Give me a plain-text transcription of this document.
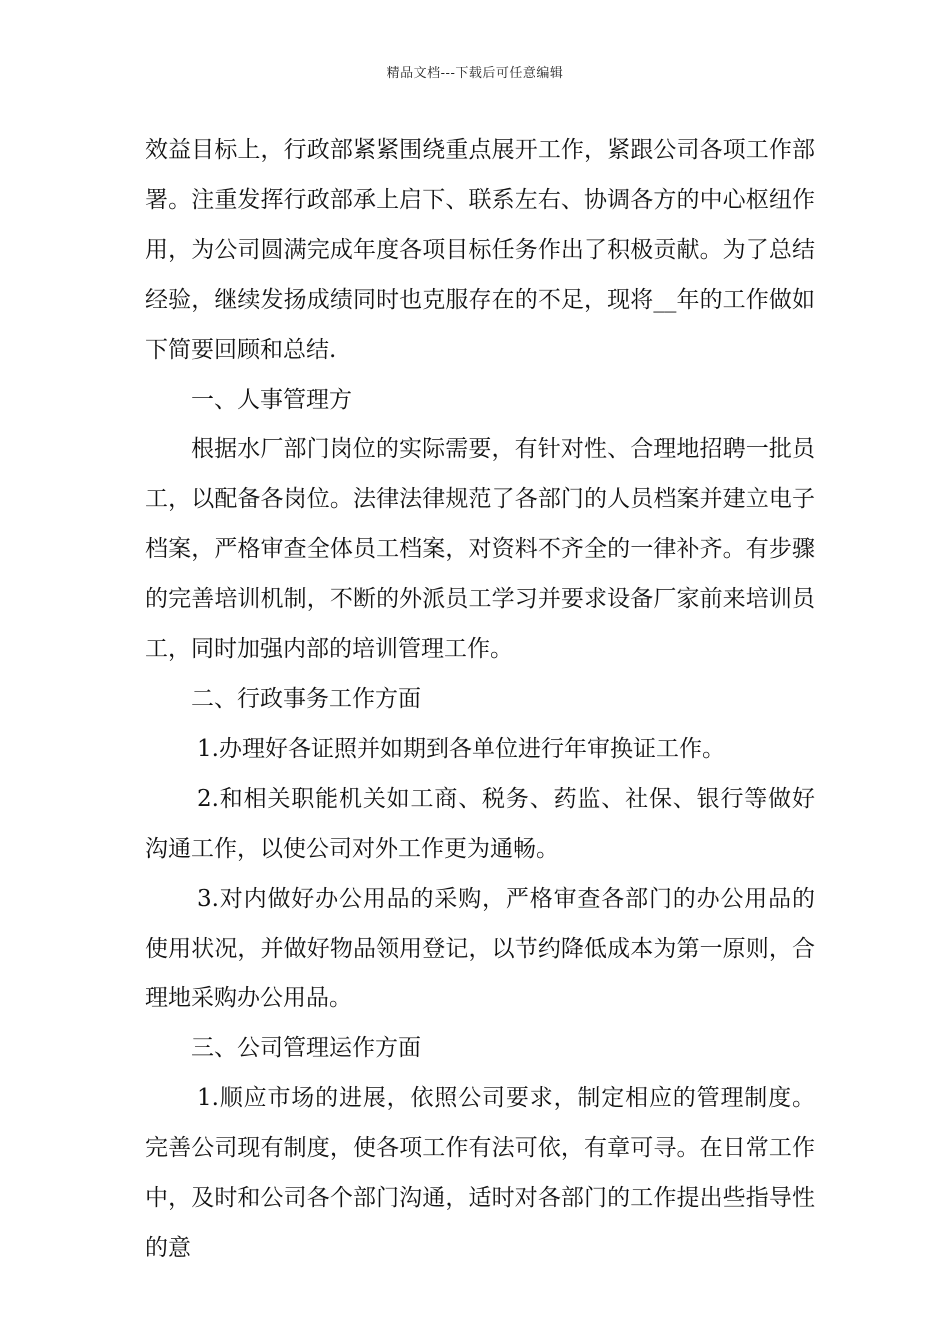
精品文档---下载后可任意编辑

效益目标上，行政部紧紧围绕重点展开工作，紧跟公司各项工作部署。注重发挥行政部承上启下、联系左右、协调各方的中心枢纽作用，为公司圆满完成年度各项目标任务作出了积极贡献。为了总结经验，继续发扬成绩同时也克服存在的不足，现将__年的工作做如下简要回顾和总结.

一、人事管理方

根据水厂部门岗位的实际需要，有针对性、合理地招聘一批员工，以配备各岗位。法律法律规范了各部门的人员档案并建立电子档案，严格审查全体员工档案，对资料不齐全的一律补齐。有步骤的完善培训机制，不断的外派员工学习并要求设备厂家前来培训员工，同时加强内部的培训管理工作。

二、行政事务工作方面

1.办理好各证照并如期到各单位进行年审换证工作。

2.和相关职能机关如工商、税务、药监、社保、银行等做好沟通工作，以使公司对外工作更为通畅。

3.对内做好办公用品的采购，严格审查各部门的办公用品的使用状况，并做好物品领用登记，以节约降低成本为第一原则，合理地采购办公用品。

三、公司管理运作方面

1.顺应市场的进展，依照公司要求，制定相应的管理制度。完善公司现有制度，使各项工作有法可依，有章可寻。在日常工作中，及时和公司各个部门沟通，适时对各部门的工作提出些指导性的意
